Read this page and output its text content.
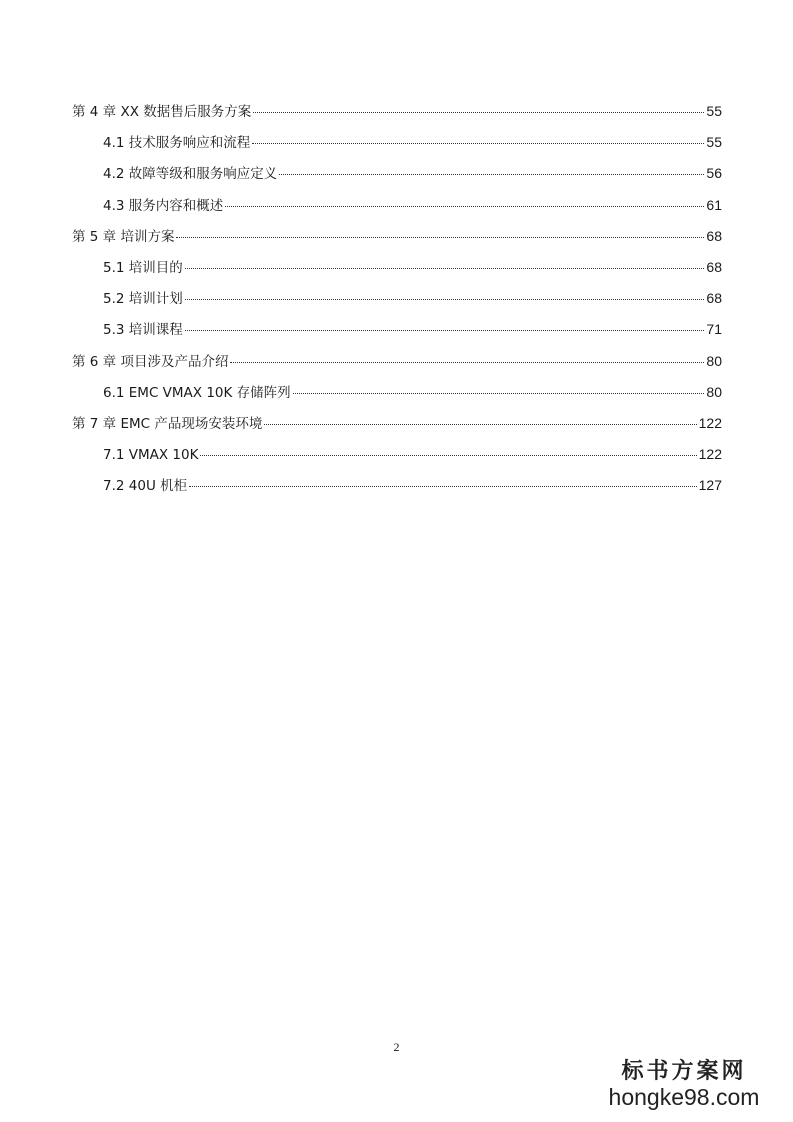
第 4 章 XX 数据售后服务方案	55
4.1 技术服务响应和流程	55
4.2 故障等级和服务响应定义	56
4.3 服务内容和概述	61
第 5 章 培训方案	68
5.1 培训目的	68
5.2 培训计划	68
5.3 培训课程	71
第 6 章 项目涉及产品介绍	80
6.1 EMC VMAX 10K 存储阵列	80
第 7 章 EMC 产品现场安装环境	122
7.1 VMAX 10K	122
7.2 40U 机柜	127
2
标书方案网
hongke98.com
